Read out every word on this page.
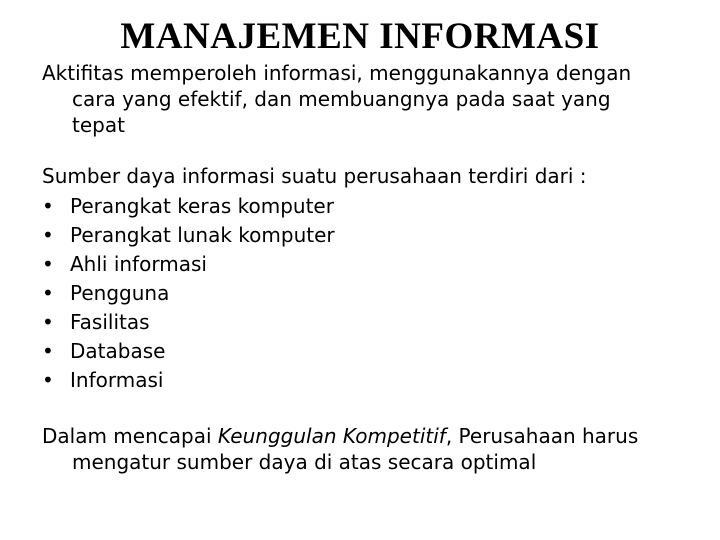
MANAJEMEN INFORMASI

Aktifitas memperoleh informasi, menggunakannya dengan

cara yang efektif, dan membuangnya pada saat yang
tepat

Sumber daya informasi suatu perusahaan terdiri dari :

• Perangkat keras komputer
• Perangkat lunak komputer
• Ahli informasi
• Pengguna
• Fasilitas
• Database
• Informasi

Dalam mencapai Keunggulan Kompetitif, Perusahaan harus
mengatur sumber daya di atas secara optimal
